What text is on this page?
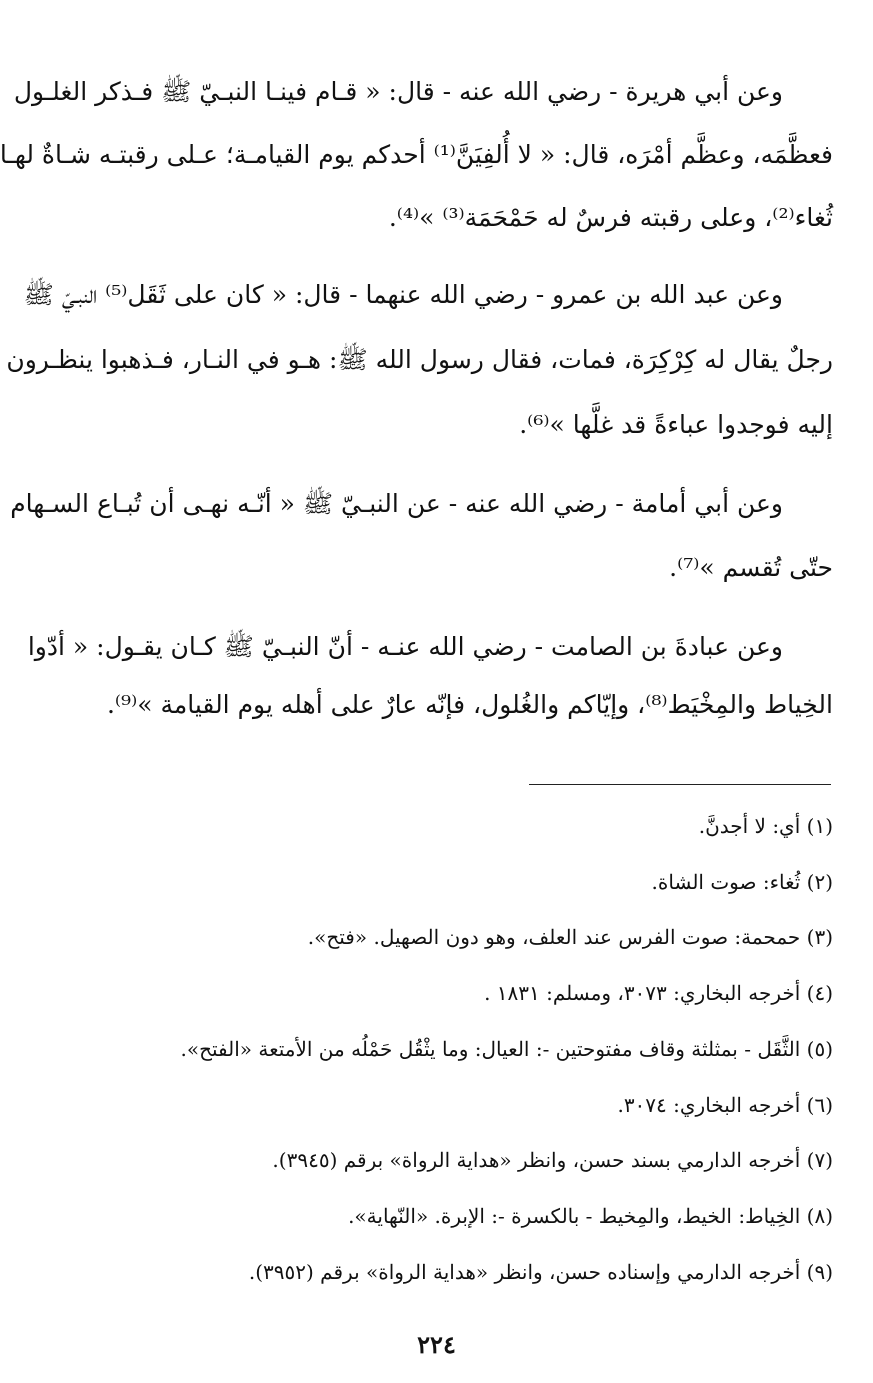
وعن أبي هريرة - رضي الله عنه - قال: « قـام فينـا النبـيّ ﷺ فـذكر الغلـول
فعظَّمَه، وعظَّم أمْرَه، قال: « لا أُلفِيَنَّ⁽¹⁾ أحدكم يوم القيامـة؛ عـلى رقبتـه شـاةٌ لهـا
ثُغاء⁽²⁾، وعلى رقبته فرسٌ له حَمْحَمَة⁽³⁾ »⁽⁴⁾.
وعن عبد الله بن عمرو - رضي الله عنهما - قال: « كان على ثَقَل⁽⁵⁾ النبـيّ ﷺ
رجلٌ يقال له كِرْكِرَة، فمات، فقال رسول الله ﷺ: هـو في النـار، فـذهبوا ينظـرون
إليه فوجدوا عباءةً قد غلَّها »⁽⁶⁾.
وعن أبي أمامة - رضي الله عنه - عن النبـيّ ﷺ « أنّـه نهـى أن تُبـاع السـهام
حتّى تُقسم »⁽⁷⁾.
وعن عبادةَ بن الصامت - رضي الله عنـه - أنّ النبـيّ ﷺ كـان يقـول: « أدّوا
الخِياط والمِخْيَط⁽⁸⁾، وإيّاكم والغُلول، فإنّه عارٌ على أهله يوم القيامة »⁽⁹⁾.
(١) أي: لا أجدنَّ.
(٢) ثُغاء: صوت الشاة.
(٣) حمحمة: صوت الفرس عند العلف، وهو دون الصهيل. «فتح».
(٤) أخرجه البخاري: ٣٠٧٣، ومسلم: ١٨٣١ .
(٥) الثَّقَل - بمثلثة وقاف مفتوحتين -: العيال: وما يثْقُل حَمْلُه من الأمتعة «الفتح».
(٦) أخرجه البخاري: ٣٠٧٤.
(٧) أخرجه الدارمي بسند حسن، وانظر «هداية الرواة» برقم (٣٩٤٥).
(٨) الخِياط: الخيط، والمِخيط - بالكسرة -: الإبرة. «النّهاية».
(٩) أخرجه الدارمي وإسناده حسن، وانظر «هداية الرواة» برقم (٣٩٥٢).
٢٢٤
